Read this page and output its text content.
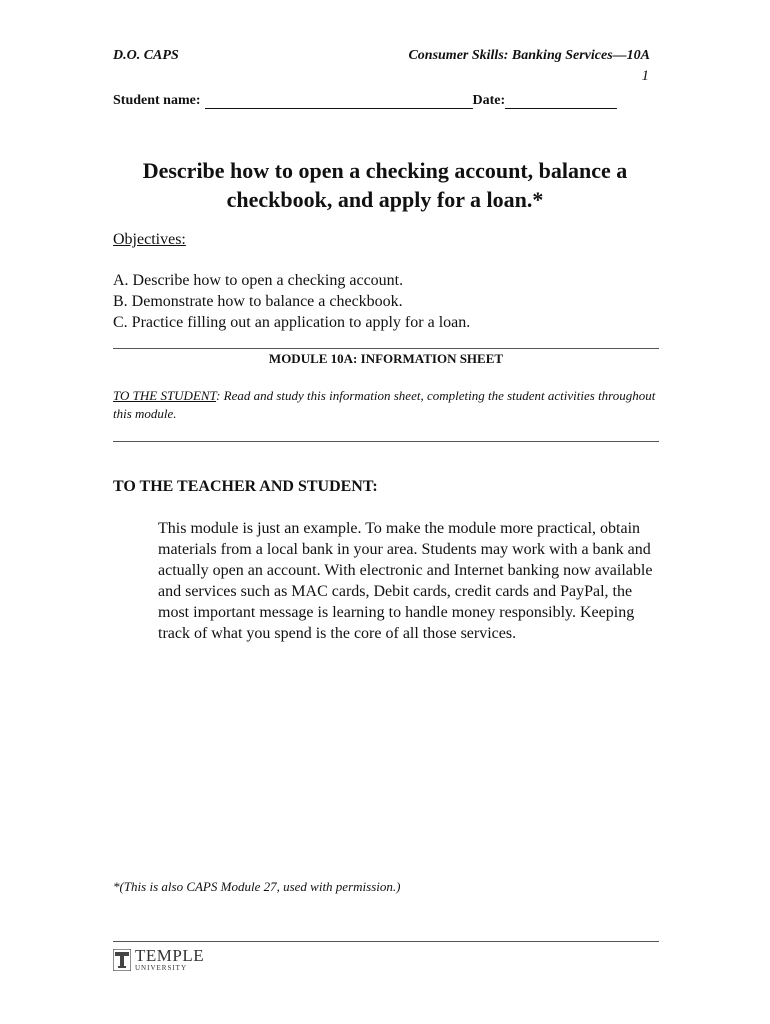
D.O. CAPS	Consumer Skills: Banking Services—10A
1
Student name:	Date:
Describe how to open a checking account, balance a checkbook, and apply for a loan.*
Objectives:
A. Describe how to open a checking account.
B. Demonstrate how to balance a checkbook.
C. Practice filling out an application to apply for a loan.
MODULE 10A: INFORMATION SHEET
TO THE STUDENT: Read and study this information sheet, completing the student activities throughout this module.
TO THE TEACHER AND STUDENT:
This module is just an example. To make the module more practical, obtain materials from a local bank in your area. Students may work with a bank and actually open an account. With electronic and Internet banking now available and services such as MAC cards, Debit cards, credit cards and PayPal, the most important message is learning to handle money responsibly. Keeping track of what you spend is the core of all those services.
*(This is also CAPS Module 27, used with permission.)
TEMPLE
UNIVERSITY
